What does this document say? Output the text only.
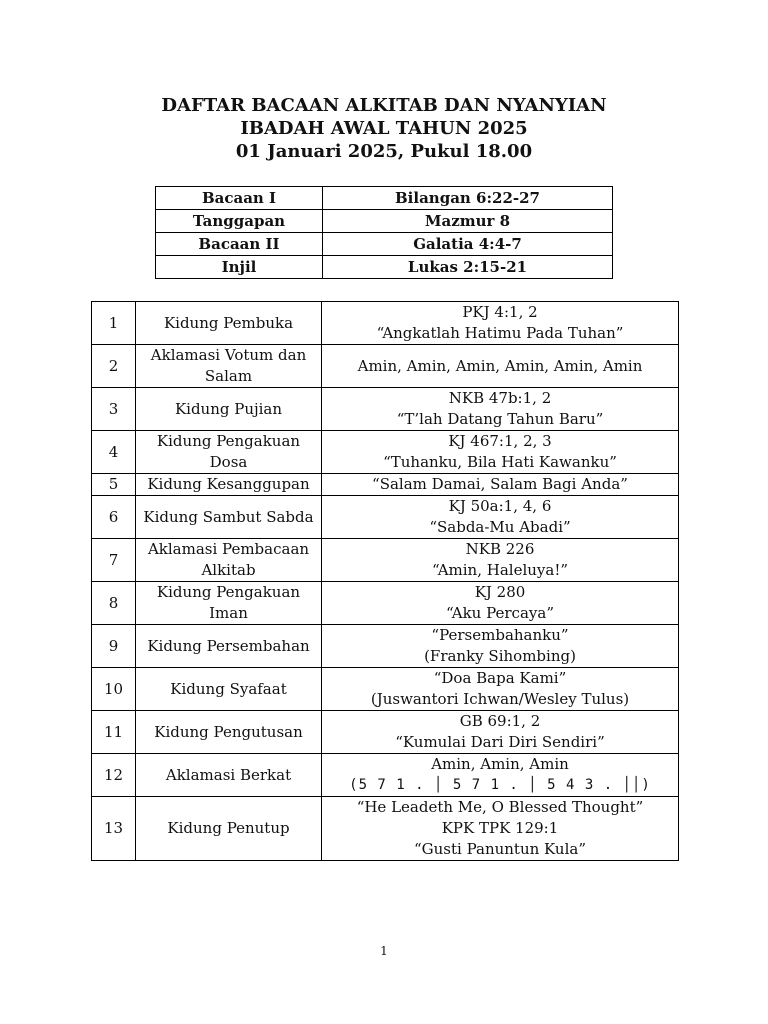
DAFTAR BACAAN ALKITAB DAN NYANYIAN
IBADAH AWAL TAHUN 2025
01 Januari 2025, Pukul 18.00
Bacaan I	Bilangan 6:22-27
Tanggapan	Mazmur 8
Bacaan II	Galatia 4:4-7
Injil	Lukas 2:15-21
1	Kidung Pembuka	PKJ 4:1, 2
“Angkatlah Hatimu Pada Tuhan”

2	Aklamasi Votum dan Salam	Amin, Amin, Amin, Amin, Amin, Amin

3	Kidung Pujian	NKB 47b:1, 2
“T’lah Datang Tahun Baru”

4	Kidung Pengakuan Dosa	KJ 467:1, 2, 3
“Tuhanku, Bila Hati Kawanku”

5	Kidung Kesanggupan	“Salam Damai, Salam Bagi Anda”

6	Kidung Sambut Sabda	KJ 50a:1, 4, 6
“Sabda-Mu Abadi”

7	Aklamasi Pembacaan Alkitab	NKB 226
“Amin, Haleluya!”

8	Kidung Pengakuan Iman	KJ 280
“Aku Percaya”

9	Kidung Persembahan	“Persembahanku”
(Franky Sihombing)

10	Kidung Syafaat	“Doa Bapa Kami”
(Juswantori Ichwan/Wesley Tulus)

11	Kidung Pengutusan	GB 69:1, 2
“Kumulai Dari Diri Sendiri”

12	Aklamasi Berkat	Amin, Amin, Amin
(5 7 1 . │ 5 7 1 . │ 5 4 3 . ││)

13	Kidung Penutup	“He Leadeth Me, O Blessed Thought”
KPK TPK 129:1
“Gusti Panuntun Kula”
1
